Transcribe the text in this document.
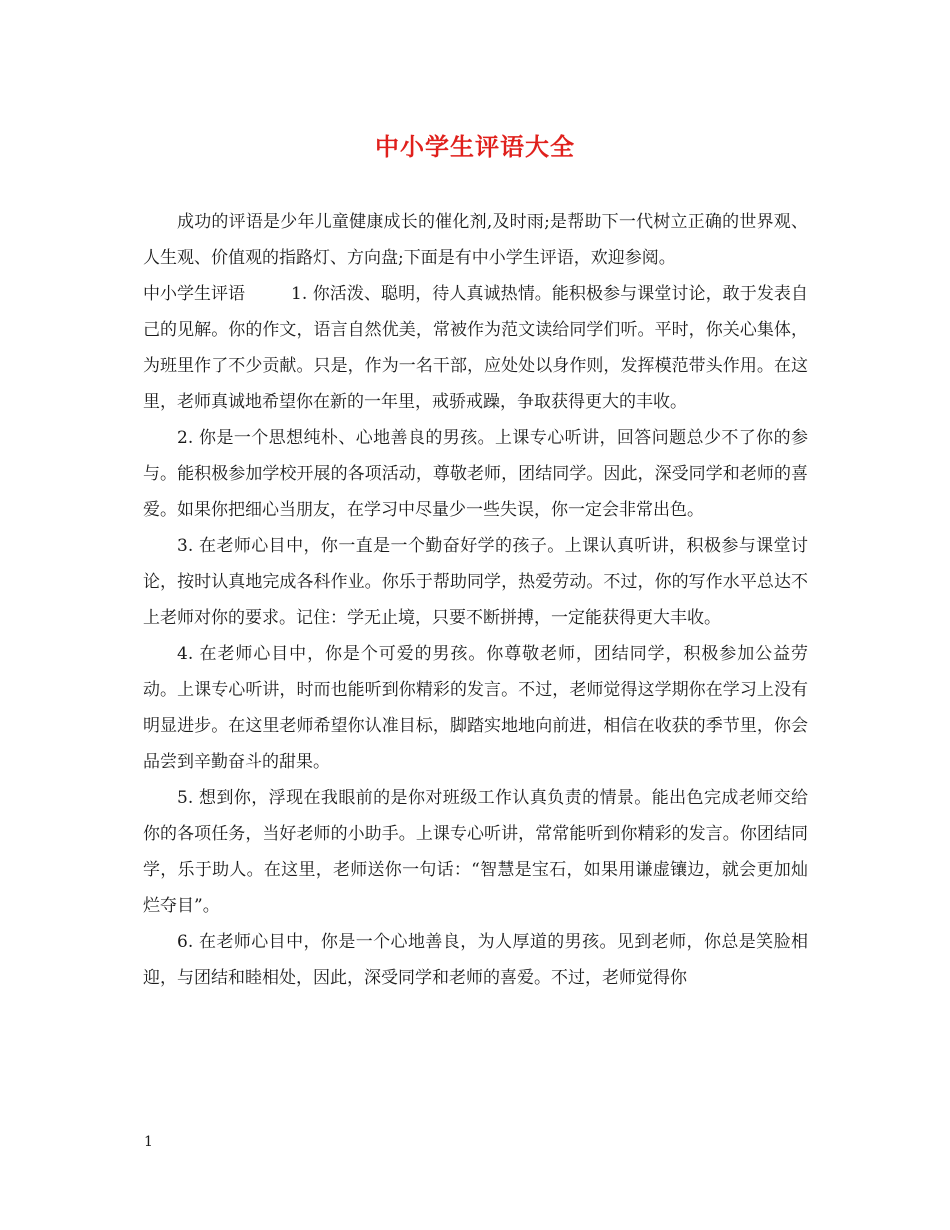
中小学生评语大全

成功的评语是少年儿童健康成长的催化剂,及时雨;是帮助下一代树立正确的世界观、人生观、价值观的指路灯、方向盘;下面是有中小学生评语，欢迎参阅。

中小学生评语	1. 你活泼、聪明，待人真诚热情。能积极参与课堂讨论，敢于发表自己的见解。你的作文，语言自然优美，常被作为范文读给同学们听。平时，你关心集体，为班里作了不少贡献。只是，作为一名干部，应处处以身作则，发挥模范带头作用。在这里，老师真诚地希望你在新的一年里，戒骄戒躁，争取获得更大的丰收。

2. 你是一个思想纯朴、心地善良的男孩。上课专心听讲，回答问题总少不了你的参与。能积极参加学校开展的各项活动，尊敬老师，团结同学。因此，深受同学和老师的喜爱。如果你把细心当朋友，在学习中尽量少一些失误，你一定会非常出色。

3. 在老师心目中，你一直是一个勤奋好学的孩子。上课认真听讲，积极参与课堂讨论，按时认真地完成各科作业。你乐于帮助同学，热爱劳动。不过，你的写作水平总达不上老师对你的要求。记住：学无止境，只要不断拼搏，一定能获得更大丰收。

4. 在老师心目中，你是个可爱的男孩。你尊敬老师，团结同学，积极参加公益劳动。上课专心听讲，时而也能听到你精彩的发言。不过，老师觉得这学期你在学习上没有明显进步。在这里老师希望你认准目标，脚踏实地地向前进，相信在收获的季节里，你会品尝到辛勤奋斗的甜果。

5. 想到你，浮现在我眼前的是你对班级工作认真负责的情景。能出色完成老师交给你的各项任务，当好老师的小助手。上课专心听讲，常常能听到你精彩的发言。你团结同学，乐于助人。在这里，老师送你一句话：“智慧是宝石，如果用谦虚镶边，就会更加灿烂夺目”。

6. 在老师心目中，你是一个心地善良，为人厚道的男孩。见到老师，你总是笑脸相迎，与团结和睦相处，因此，深受同学和老师的喜爱。不过，老师觉得你

1
